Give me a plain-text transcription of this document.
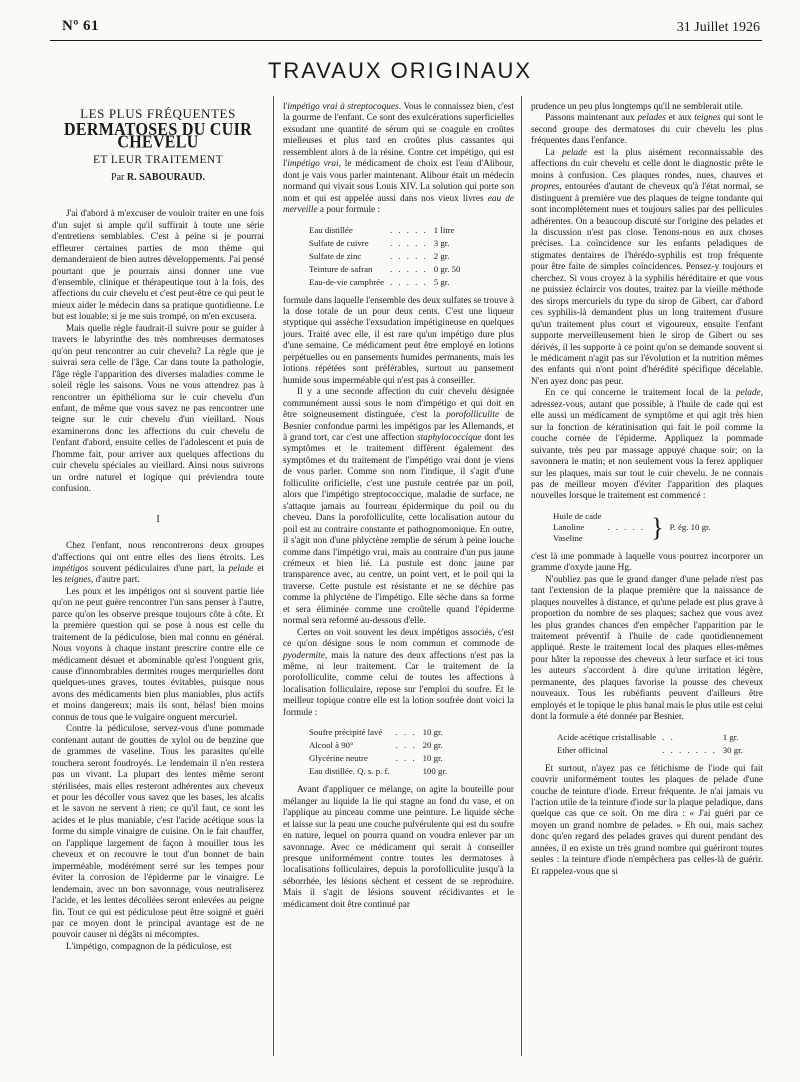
Nº 61	31 Juillet 1926
TRAVAUX ORIGINAUX
LES PLUS FRÉQUENTES
DERMATOSES DU CUIR CHEVELU
ET LEUR TRAITEMENT
Par R. SABOURAUD.

J'ai d'abord à m'excuser de vouloir traiter en une fois d'un sujet si ample qu'il suffirait à toute une série d'entretiens semblables. C'est à peine si je pourrai effleurer certaines parties de mon thème qui demanderaient de bien autres développements. J'ai pensé pourtant que je pourrais ainsi donner une vue d'ensemble, clinique et thérapeutique tout à la fois, des affections du cuir chevelu et c'est peut-être ce qui peut le mieux aider le médecin dans sa pratique quotidienne. Le but est louable; si je me suis trompé, on m'en excusera.

Mais quelle règle faudrait-il suivre pour se guider à travers le labyrinthe des très nombreuses dermatoses qu'on peut rencontrer au cuir chevelu? La règle que je suivrai sera celle de l'âge. Car dans toute la pathologie, l'âge règle l'apparition des diverses maladies comme le soleil règle les saisons. Vous ne vous attendrez pas à rencontrer un épithélioma sur le cuir chevelu d'un enfant, de même que vous savez ne pas rencontrer une teigne sur le cuir chevelu d'un vieillard. Nous examinerons donc les affections du cuir chevelu de l'enfant d'abord, ensuite celles de l'adolescent et puis de l'homme fait, pour arriver aux quelques affections du cuir chevelu spéciales au vieillard. Ainsi nous suivrons un ordre naturel et logique qui préviendra toute confusion.

I

Chez l'enfant, nous rencontrerons deux groupes d'affections qui ont entre elles des liens étroits. Les impétigos souvent pédiculaires d'une part, la pelade et les teignes, d'autre part.

Les poux et les impétigos ont si souvent partie liée qu'on ne peut guère rencontrer l'un sans penser à l'autre, parce qu'on les observe presque toujours côte à côte. Et la première question qui se pose à nous est celle du traitement de la pédiculose, bien mal connu en général. Nous voyons à chaque instant prescrire contre elle ce médicament désuet et abominable qu'est l'onguent gris, cause d'innombrables dermites rouges merqurielles dont quelques-unes graves, toutes évitables, puisque nous avons des médicaments bien plus maniables, plus actifs et moins dangereux; mais ils sont, hélas! bien moins connus de tous que le vulgaire onguent mercuriel.

Contre la pédiculose, servez-vous d'une pommade contenant autant de gouttes de xylol ou de benzine que de grammes de vaseline. Tous les parasites qu'elle touchera seront foudroyés. Le lendemain il n'en restera pas un vivant. La plupart des lentes même seront stérilisées, mais elles resteront adhérentes aux cheveux et pour les décoller vous savez que les bases, les alcalis et le savon ne servent à rien; ce qu'il faut, ce sont les acides et le plus maniable, c'est l'acide acétique sous la forme du simple vinaigre de cuisine. On le fait chauffer, on l'applique largement de façon à mouiller tous les cheveux et on recouvre le tout d'un bonnet de bain imperméable, modérément serré sur les tempes pour éviter la corrosion de l'épiderme par le vinaigre. Le lendemain, avec un bon savonnage, vous neutraliserez l'acide, et les lentes décollées seront enlevées au peigne fin. Tout ce qui est pédiculose peut être soigné et guéri par ce moyen dont le principal avantage est de ne pouvoir causer ni dégâts ni mécomptes.

L'impétigo, compagnon de la pédiculose, est

l'impétigo vrai à streptocoques. Vous le connaissez bien, c'est la gourme de l'enfant. Ce sont des exulcérations superficielles exsudant une quantité de sérum qui se coagule en croûtes mielleuses et plus tard en croûtes plus cassantes qui ressemblent alors à de la résine. Contre cet impétigo, qui est l'impétigo vrai, le médicament de choix est l'eau d'Alibour, dont je vais vous parler maintenant. Alibour était un médecin normand qui vivait sous Louis XIV. La solution qui porte son nom et qui est appelée aussi dans nos vieux livres eau de merveille a pour formule :

Eau distillée	. . . . .	1 litre
Sulfate de cuivre	. . . . .	3 gr.
Sulfate de zinc	. . . . .	2 gr.
Teinture de safran	. . . . .	0 gr. 50
Eau-de-vie camphrée	. . . . .	5 gr.

formule dans laquelle l'ensemble des deux sulfates se trouve à la dose totale de un pour deux cents. C'est une liqueur styptique qui assèche l'exsudation impétigineuse en quelques jours. Traité avec elle, il est rare qu'un impétigo dure plus d'une semaine. Ce médicament peut être employé en lotions perpétuelles ou en pansements humides permanents, mais les lotions répétées sont préférables, surtout au pansement humide sous imperméable qui n'est pas à conseiller.

Il y a une seconde affection du cuir chevelu désignée communément aussi sous le nom d'impétigo et qui doit en être soigneusement distinguée, c'est la porofolliculite de Besnier confondue parmi les impétigos par les Allemands, et à grand tort, car c'est une affection staphylococcique dont les symptômes et le traitement diffèrent également des symptômes et du traitement de l'impétigo vrai dont je viens de vous parler. Comme son nom l'indique, il s'agit d'une folliculite orificielle, c'est une pustule centrée par un poil, alors que l'impétigo streptococcique, maladie de surface, ne s'attaque jamais au fourreau épidermique du poil ou du cheveu. Dans la porofolliculite, cette localisation autour du poil est au contraire constante et pathognomonique. En outre, il s'agit non d'une phlyctène remplie de sérum à peine louche comme dans l'impétigo vrai, mais au contraire d'un pus jaune crémeux et bien lié. La pustule est donc jaune par transparence avec, au centre, un point vert, et le poil qui la traverse. Cette pustule est résistante et ne se déchire pas comme la phlyctène de l'impétigo. Elle sèche dans sa forme et sera éliminée comme une croûtelle quand l'épiderme normal sera reformé au-dessous d'elle.

Certes on voit souvent les deux impétigos associés, c'est ce qu'on désigne sous le nom commun et commode de pyodermite, mais la nature des deux affections n'est pas la même, ni leur traitement. Car le traitement de la porofolliculite, comme celui de toutes les affections à localisation folliculaire, repose sur l'emploi du soufre. Et le meilleur topique contre elle est la lotion soufrée dont voici la formule :

Soufre précipité lavé	. . .	10 gr.
Alcool à 90°	. . .	20 gr.
Glycérine neutre	. . .	10 gr.
Eau distillée. Q. s. p. f.		100 gr.

Avant d'appliquer ce mélange, on agite la bouteille pour mélanger au liquide la lie qui stagne au fond du vase, et on l'applique au pinceau comme une peinture. Le liquide sèche et laisse sur la peau une couche pulvérulente qui est du soufre en nature, lequel on pourra quand on voudra enlever par un savonnage. Avec ce médicament qui serait à conseiller presque uniformément contre toutes les dermatoses à localisations folliculaires, depuis la porofolliculite jusqu'à la séborrhée, les lésions sèchent et cessent de se reproduire. Mais il s'agit de lésions souvent récidivantes et le médicament doit être continué par

prudence un peu plus longtemps qu'il ne semblerait utile.

Passons maintenant aux pelades et aux teignes qui sont le second groupe des dermatoses du cuir chevelu les plus fréquentes dans l'enfance.

La pelade est la plus aisément reconnaissable des affections du cuir chevelu et celle dont le diagnostic prête le moins à confusion. Ces plaques rondes, nues, chauves et propres, entourées d'autant de cheveux qu'à l'état normal, se distinguent à première vue des plaques de teigne tondante qui sont incomplètement nues et toujours salies par des pellicules adhérentes. On a beaucoup discuté sur l'origine des pelades et la discussion n'est pas close. Tenons-nous en aux choses précises. La coïncidence sur les enfants peladiques de stigmates dentaires de l'hérédo-syphilis est trop fréquente pour être faite de simples coïncidences. Pensez-y toujours et cherchez. Si vous croyez à la syphilis héréditaire et que vous ne puissiez éclaircir vos doutes, traitez par la vieille méthode des sirops mercuriels du type du sirop de Gibert, car d'abord ces syphilis-là demandent plus un long traitement d'usure qu'un traitement plus court et vigoureux, ensuite l'enfant supporte merveilleusement bien le sirop de Gibert ou ses dérivés, il les supporte à ce point qu'on se demande souvent si le médicament n'agit pas sur l'évolution et la nutrition mêmes des enfants qui n'ont point d'hérédité spécifique décelable. N'en ayez donc pas peur.

En ce qui concerne le traitement local de la pelade, adressez-vous, autant que possible, à l'huile de cade qui est elle aussi un médicament de symptôme et qui agit très bien sur la fonction de kératinisation qui fait le poil comme la couche cornée de l'épiderme. Appliquez la pommade suivante, très peu par massage appuyé chaque soir; on la savonnera le matin; et non seulement vous la ferez appliquer sur les plaques, mais sur tout le cuir chevelu. Je ne connais pas de meilleur moyen d'éviter l'apparition des plaques nouvelles lorsque le traitement est commencé :

Huile de cade
Lanoline
Vaseline
	. . . . .	}	P. ég. 10 gr.

c'est là une pommade à laquelle vous pourrez incorporer un gramme d'oxyde jaune Hg.

N'oubliez pas que le grand danger d'une pelade n'est pas tant l'extension de la plaque première que la naissance de plaques nouvelles à distance, et qu'une pelade est plus grave à proportion du nombre de ses plaques; sachez que vous avez les plus grandes chances d'en empêcher l'apparition par le traitement préventif à l'huile de cade quotidiennement appliqué. Reste le traitement local des plaques elles-mêmes pour hâter la repousse des cheveux à leur surface et ici tous les auteurs s'accordent à dire qu'une irritation légère, permanente, des plaques favorise la pousse des cheveux nouveaux. Tous les rubéfiants peuvent d'ailleurs être employés et le topique le plus banal mais le plus utile est celui dont la formule a été donnée par Besnier.

Acide acétique cristallisable	. .	1 gr.
Ether officinal	. . . . . . .	30 gr.

Et surtout, n'ayez pas ce fétichisme de l'iode qui fait couvrir uniformément toutes les plaques de pelade d'une couche de teinture d'iode. Erreur fréquente. Je n'ai jamais vu l'action utile de la teinture d'iode sur la plaque peladique, dans quelque cas que ce soit. On me dira : « J'ai guéri par ce moyen un grand nombre de pelades. » Eh oui, mais sachez donc qu'en regard des pelades graves qui durent pendant des années, il en existe un très grand nombre qui guériront toutes seules : la teinture d'iode n'empêchera pas celles-là de guérir. Et rappelez-vous que si
